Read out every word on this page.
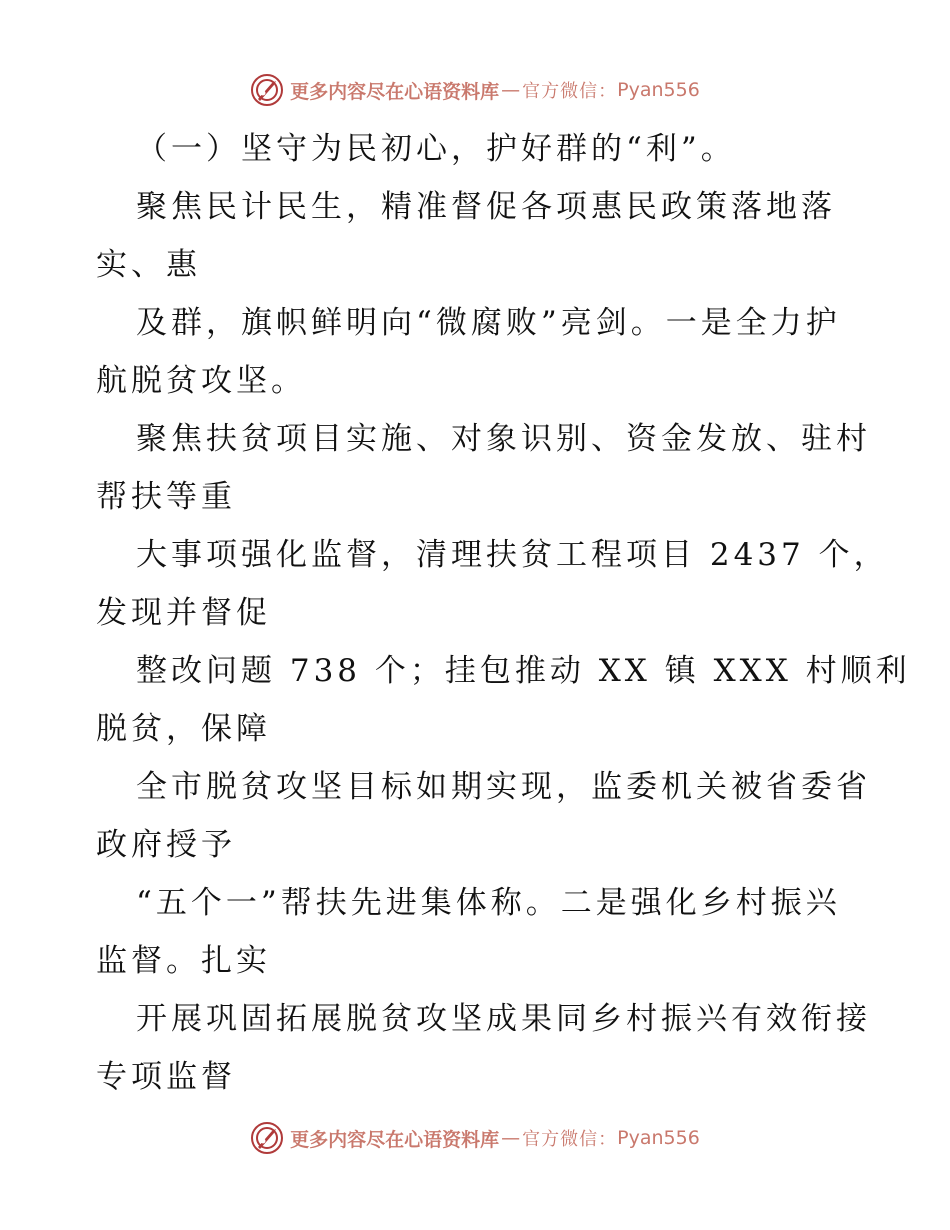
更多内容尽在心语资料库 — 官方微信： Pyan556
（一）坚守为民初心，护好群的“利”。
聚焦民计民生，精准督促各项惠民政策落地落
实、惠
及群，旗帜鲜明向“微腐败”亮剑。一是全力护
航脱贫攻坚。
聚焦扶贫项目实施、对象识别、资金发放、驻村
帮扶等重
大事项强化监督，清理扶贫工程项目 2437 个，
发现并督促
整改问题 738 个；挂包推动 XX 镇 XXX 村顺利
脱贫，保障
全市脱贫攻坚目标如期实现，监委机关被省委省
政府授予
“五个一”帮扶先进集体称。二是强化乡村振兴
监督。扎实
开展巩固拓展脱贫攻坚成果同乡村振兴有效衔接
专项监督
更多内容尽在心语资料库 — 官方微信： Pyan556
